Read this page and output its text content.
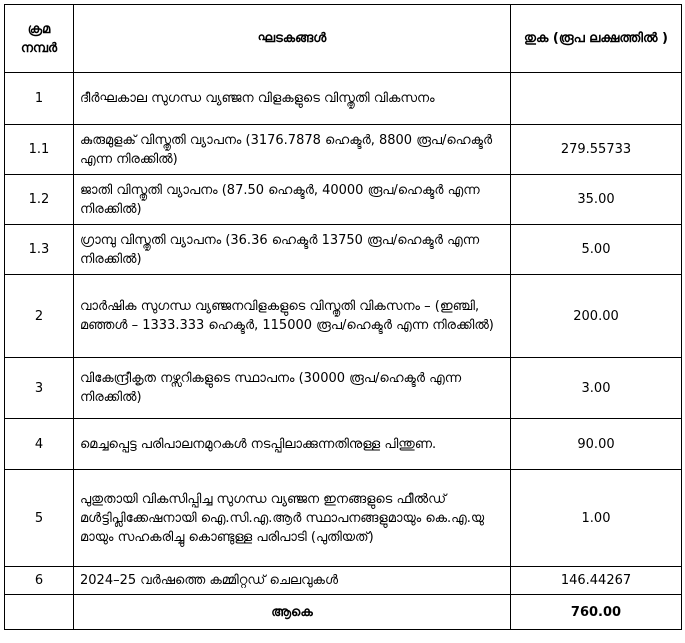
ക്രമ നമ്പർ	ഘടകങ്ങൾ	തുക (രൂപ ലക്ഷത്തിൽ )
1	ദീർഘകാല സുഗന്ധ വ്യഞ്ജന വിളകളുടെ വിസ്തൃതി വികസനം	
1.1	കുരുമുളക് വിസ്തൃതി വ്യാപനം (3176.7878 ഹെക്ടർ, 8800 രൂപ/ഹെക്ടർ എന്ന നിരക്കിൽ)	279.55733
1.2	ജാതി വിസ്തൃതി വ്യാപനം (87.50 ഹെക്ടർ, 40000 രൂപ/ഹെക്ടർ എന്ന നിരക്കിൽ)	35.00
1.3	ഗ്രാമ്പു വിസ്തൃതി വ്യാപനം (36.36 ഹെക്ടർ 13750 രൂപ/ഹെക്ടർ എന്ന നിരക്കിൽ)	5.00
2	വാർഷിക സുഗന്ധ വ്യഞ്ജനവിളകളുടെ വിസ്തൃതി വികസനം – (ഇഞ്ചി, മഞ്ഞൾ – 1333.333 ഹെക്ടർ, 115000 രൂപ/ഹെക്ടർ എന്ന നിരക്കിൽ)	200.00
3	വികേന്ദ്രീകൃത നഴ്സറികളുടെ സ്ഥാപനം (30000 രൂപ/ഹെക്ടർ എന്ന നിരക്കിൽ)	3.00
4	മെച്ചപ്പെട്ട പരിപാലനമുറകൾ നടപ്പിലാക്കുന്നതിനുള്ള പിന്തുണ.	90.00
5	പുതുതായി വികസിപ്പിച്ച സുഗന്ധ വ്യഞ്ജന ഇനങ്ങളുടെ ഫീൽഡ് മൾട്ടിപ്ലിക്കേഷനായി ഐ.സി.എ.ആർ സ്ഥാപനങ്ങളുമായും കെ.എ.യു മായും സഹകരിച്ചു കൊണ്ടുള്ള പരിപാടി (പുതിയത്)	1.00
6	2024–25 വർഷത്തെ കമ്മിറ്റഡ് ചെലവുകൾ	146.44267
	ആകെ	760.00
